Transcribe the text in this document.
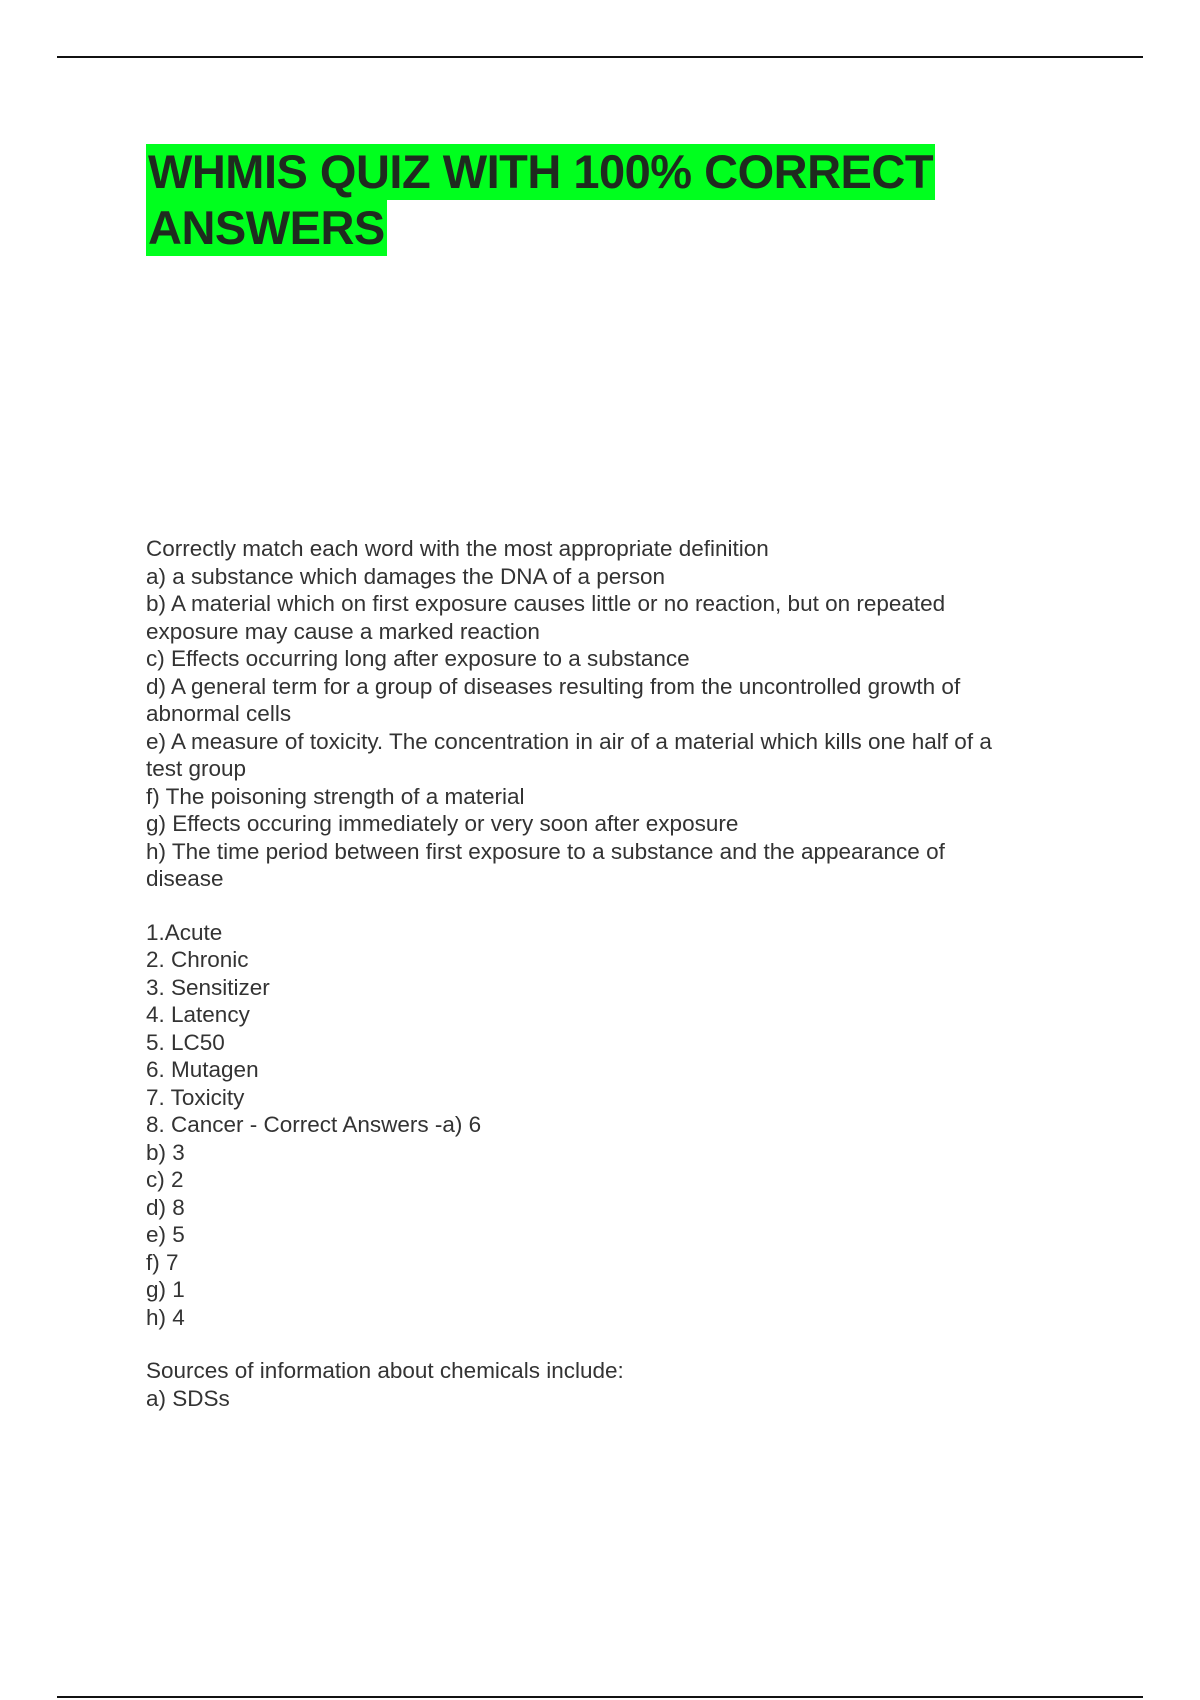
WHMIS QUIZ WITH 100% CORRECT
ANSWERS
Correctly match each word with the most appropriate definition
a) a substance which damages the DNA of a person
b) A material which on first exposure causes little or no reaction, but on repeated
exposure may cause a marked reaction
c) Effects occurring long after exposure to a substance
d) A general term for a group of diseases resulting from the uncontrolled growth of
abnormal cells
e) A measure of toxicity. The concentration in air of a material which kills one half of a
test group
f) The poisoning strength of a material
g) Effects occuring immediately or very soon after exposure
h) The time period between first exposure to a substance and the appearance of
disease
1.Acute
2. Chronic
3. Sensitizer
4. Latency
5. LC50
6. Mutagen
7. Toxicity
8. Cancer - Correct Answers -a) 6
b) 3
c) 2
d) 8
e) 5
f) 7
g) 1
h) 4
Sources of information about chemicals include:
a) SDSs
